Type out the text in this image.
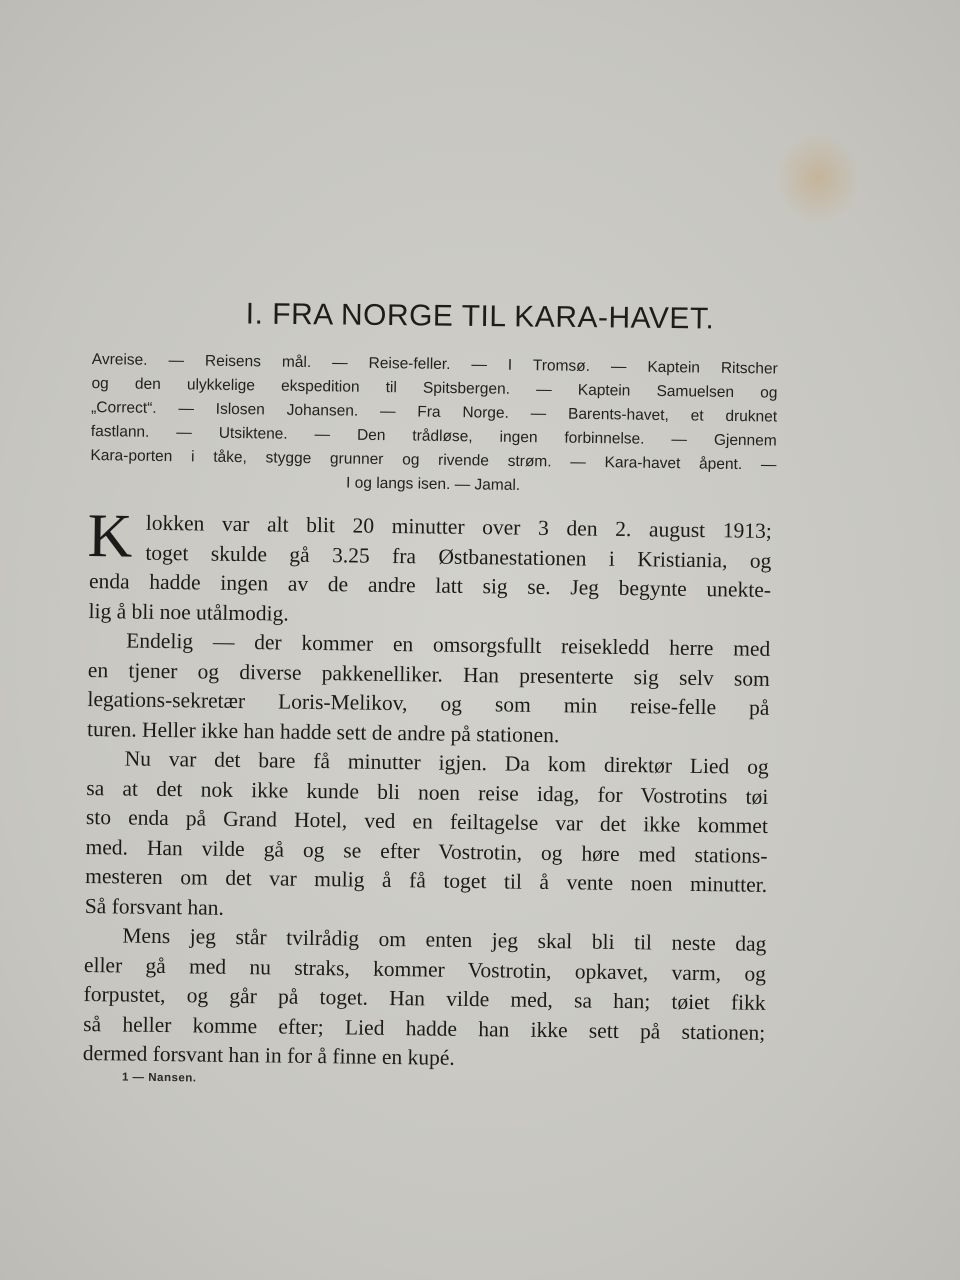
I. FRA NORGE TIL KARA-HAVET.
Avreise. — Reisens mål. — Reise-feller. — I Tromsø. — Kaptein Ritscher
og den ulykkelige ekspedition til Spitsbergen. — Kaptein Samuelsen og
„Correct“. — Islosen Johansen. — Fra Norge. — Barents-havet, et druknet
fastlann. — Utsiktene. — Den trådløse, ingen forbinnelse. — Gjennem
Kara-porten i tåke, stygge grunner og rivende strøm. — Kara-havet åpent. —
I og langs isen. — Jamal.
K lokken var alt blit 20 minutter over 3 den 2. august 1913;
toget skulde gå 3.25 fra Østbanestationen i Kristiania, og
enda hadde ingen av de andre latt sig se. Jeg begynte unekte-
lig å bli noe utålmodig.
Endelig — der kommer en omsorgsfullt reisekledd herre med
en tjener og diverse pakkenelliker. Han presenterte sig selv som
legations-sekretær Loris-Melikov, og som min reise-felle på
turen. Heller ikke han hadde sett de andre på stationen.
Nu var det bare få minutter igjen. Da kom direktør Lied og
sa at det nok ikke kunde bli noen reise idag, for Vostrotins tøi
sto enda på Grand Hotel, ved en feiltagelse var det ikke kommet
med. Han vilde gå og se efter Vostrotin, og høre med stations-
mesteren om det var mulig å få toget til å vente noen minutter.
Så forsvant han.
Mens jeg står tvilrådig om enten jeg skal bli til neste dag
eller gå med nu straks, kommer Vostrotin, opkavet, varm, og
forpustet, og går på toget. Han vilde med, sa han; tøiet fikk
så heller komme efter; Lied hadde han ikke sett på stationen;
dermed forsvant han in for å finne en kupé.
1 — Nansen.
